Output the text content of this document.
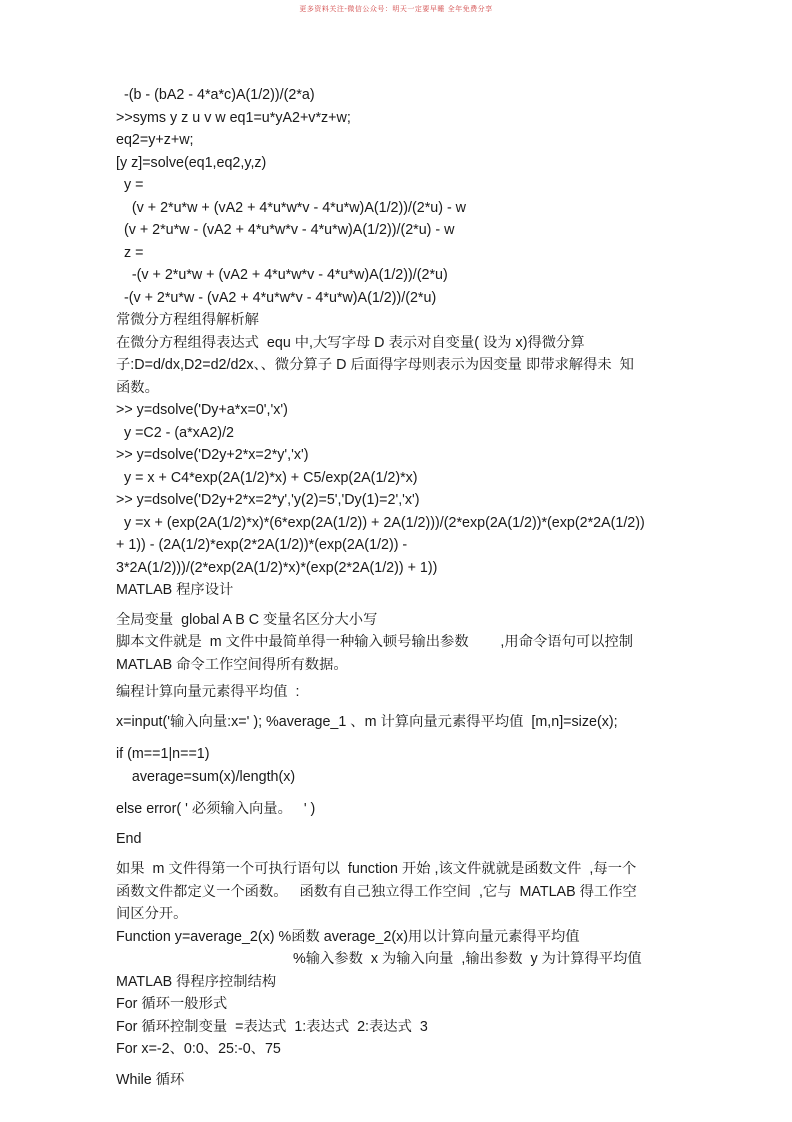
更多资料关注-微信公众号：明天一定要早睡 全年免费分享
-(b - (bA2 - 4*a*c)A(1/2))/(2*a)
>>syms y z u v w eq1=u*yA2+v*z+w;
eq2=y+z+w;
[y z]=solve(eq1,eq2,y,z)
y =
(v + 2*u*w + (vA2 + 4*u*w*v - 4*u*w)A(1/2))/(2*u) - w
(v + 2*u*w - (vA2 + 4*u*w*v - 4*u*w)A(1/2))/(2*u) - w
z =
-(v + 2*u*w + (vA2 + 4*u*w*v - 4*u*w)A(1/2))/(2*u)
-(v + 2*u*w - (vA2 + 4*u*w*v - 4*u*w)A(1/2))/(2*u)
常微分方程组得解析解
在微分方程组得表达式  equ 中,大写字母 D 表示对自变量( 设为 x)得微分算
子:D=d/dx,D2=d2/d2x、、微分算子 D 后面得字母则表示为因变量 即带求解得未  知
函数。
>> y=dsolve('Dy+a*x=0','x')
y =C2 - (a*xA2)/2
>> y=dsolve('D2y+2*x=2*y','x')
y = x + C4*exp(2A(1/2)*x) + C5/exp(2A(1/2)*x)
>> y=dsolve('D2y+2*x=2*y','y(2)=5','Dy(1)=2','x')
y =x + (exp(2A(1/2)*x)*(6*exp(2A(1/2)) + 2A(1/2)))/(2*exp(2A(1/2))*(exp(2*2A(1/2))
+ 1)) - (2A(1/2)*exp(2*2A(1/2))*(exp(2A(1/2)) -
3*2A(1/2)))/(2*exp(2A(1/2)*x)*(exp(2*2A(1/2)) + 1))
MATLAB 程序设计
全局变量  global A B C 变量名区分大小写
脚本文件就是  m 文件中最简单得一种输入顿号输出参数        ,用命令语句可以控制
MATLAB 命令工作空间得所有数据。
编程计算向量元素得平均值  :
x=input('输入向量:x=' ); %average_1 、m 计算向量元素得平均值  [m,n]=size(x);
if (m==1|n==1)
average=sum(x)/length(x)
else error( ' 必须输入向量。   ' )
End
如果  m 文件得第一个可执行语句以  function 开始 ,该文件就就是函数文件  ,每一个
函数文件都定义一个函数。   函数有自己独立得工作空间  ,它与  MATLAB 得工作空
间区分开。
Function y=average_2(x) %函数 average_2(x)用以计算向量元素得平均值
%输入参数  x 为输入向量  ,输出参数  y 为计算得平均值
MATLAB 得程序控制结构
For 循环一般形式
For 循环控制变量  =表达式  1:表达式  2:表达式  3
For x=-2、0:0、25:-0、75
While 循环
